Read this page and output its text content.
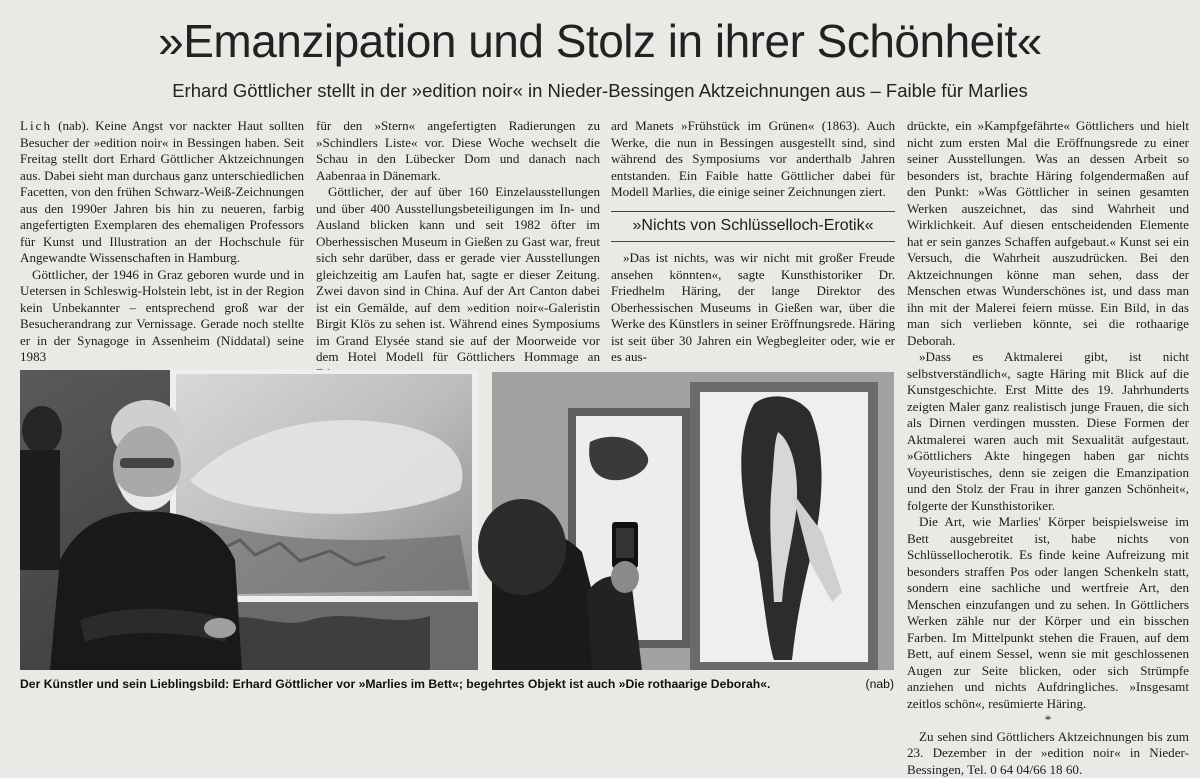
»Emanzipation und Stolz in ihrer Schönheit«
Erhard Göttlicher stellt in der »edition noir« in Nieder-Bessingen Aktzeichnungen aus – Faible für Marlies

Lich (nab). Keine Angst vor nackter Haut sollten Besucher der »edition noir« in Bessingen haben. Seit Freitag stellt dort Erhard Göttlicher Aktzeichnungen aus. Dabei sieht man durchaus ganz unterschiedlichen Facetten, von den frühen Schwarz-Weiß-Zeichnungen aus den 1990er Jahren bis hin zu neueren, farbig angefertigten Exemplaren des ehemaligen Professors für Kunst und Illustration an der Hochschule für Angewandte Wissenschaften in Hamburg.

Göttlicher, der 1946 in Graz geboren wurde und in Uetersen in Schleswig-Holstein lebt, ist in der Region kein Unbekannter – entsprechend groß war der Besucherandrang zur Vernissage. Gerade noch stellte er in der Synagoge in Assenheim (Niddatal) seine 1983

für den »Stern« angefertigten Radierungen zu »Schindlers Liste« vor. Diese Woche wechselt die Schau in den Lübecker Dom und danach nach Aabenraa in Dänemark.

Göttlicher, der auf über 160 Einzelausstellungen und über 400 Ausstellungsbeteiligungen im In- und Ausland blicken kann und seit 1982 öfter im Oberhessischen Museum in Gießen zu Gast war, freut sich sehr darüber, dass er gerade vier Ausstellungen gleichzeitig am Laufen hat, sagte er dieser Zeitung. Zwei davon sind in China. Auf der Art Canton dabei ist ein Gemälde, auf dem »edition noir«-Galeristin Birgit Klös zu sehen ist. Während eines Symposiums im Grand Elysée stand sie auf der Moorweide vor dem Hotel Modell für Göttlichers Hommage an

ard Manets »Frühstück im Grünen« (1863). Auch Werke, die nun in Bessingen ausgestellt sind, sind während des Symposiums vor anderthalb Jahren entstanden. Ein Faible hatte Göttlicher dabei für Modell Marlies, die einige seiner Zeichnungen ziert.

»Nichts von Schlüsselloch-Erotik«

»Das ist nichts, was wir nicht mit großer Freude ansehen könnten«, sagte Kunsthistoriker Dr. Friedhelm Häring, der lange Direktor des Oberhessischen Museums in Gießen war, über die Werke des Künstlers in seiner Eröffnungsrede. Häring ist seit über 30 Jahren ein Wegbegleiter oder, wie er es aus-

drückte, ein »Kampfgefährte« Göttlichers und hielt nicht zum ersten Mal die Eröffnungsrede zu einer seiner Ausstellungen. Was an dessen Arbeit so besonders ist, brachte Häring folgendermaßen auf den Punkt: »Was Göttlicher in seinen gesamten Werken auszeichnet, das sind Wahrheit und Wirklichkeit. Auf diesen entscheidenden Elemente hat er sein ganzes Schaffen aufgebaut.« Kunst sei ein Versuch, die Wahrheit auszudrücken. Bei den Aktzeichnungen könne man sehen, dass der Menschen etwas Wunderschönes ist, und dass man ihn mit der Malerei feiern müsse. Ein Bild, in das man sich verlieben könnte, sei die rothaarige Deborah.

»Dass es Aktmalerei gibt, ist nicht selbstverständlich«, sagte Häring mit Blick auf die Kunstgeschichte. Erst Mitte des 19. Jahrhunderts zeigten Maler ganz realistisch junge Frauen, die sich als Dirnen verdingen mussten. Diese Formen der Aktmalerei waren auch mit Sexualität aufgestaut. »Göttlichers Akte hingegen haben gar nichts Voyeuristisches, denn sie zeigen die Emanzipation und den Stolz der Frau in ihrer ganzen Schönheit«, folgerte der Kunsthistoriker.

Die Art, wie Marlies' Körper beispielsweise im Bett ausgebreitet ist, habe nichts von Schlüssellocherotik. Es finde keine Aufreizung mit besonders straffen Pos oder langen Schenkeln statt, sondern eine sachliche und wertfreie Art, den Menschen einzufangen und zu sehen. In Göttlichers Werken zähle nur der Körper und ein bisschen Farben. Im Mittelpunkt stehen die Frauen, auf dem Bett, auf einem Sessel, wenn sie mit geschlossenen Augen zur Seite blicken, oder sich Strümpfe anziehen und nichts Aufdringliches. »Insgesamt zeitlos schön«, resümierte Häring.

*

Zu sehen sind Göttlichers Aktzeichnungen bis zum 23. Dezember in der »edition noir« in Nieder-Bessingen, Tel. 0 64 04/66 18 60.

Der Künstler und sein Lieblingsbild: Erhard Göttlicher vor »Marlies im Bett«; begehrtes Objekt ist auch »Die rothaarige Deborah«.	(nab)
